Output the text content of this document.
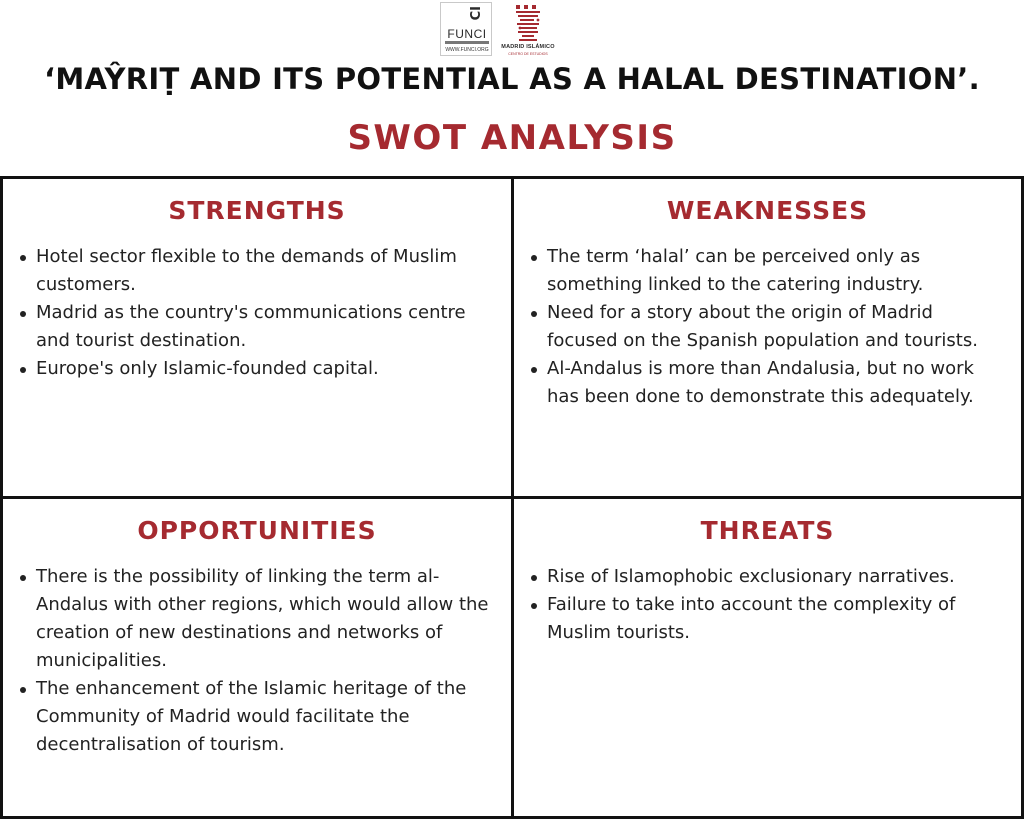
CI
FUNCI
WWW.FUNCI.ORG	MADRID ISLÁMICO
CENTRO DE ESTUDIOS
‘MAŶRIṬ AND ITS POTENTIAL AS A HALAL DESTINATION’.
SWOT ANALYSIS
STRENGTHS
Hotel sector flexible to the demands of Muslim customers.
Madrid as the country's communications centre and tourist destination.
Europe's only Islamic-founded capital.
WEAKNESSES
The term ‘halal’ can be perceived only as something linked to the catering industry.
Need for a story about the origin of Madrid focused on the Spanish population and tourists.
Al-Andalus is more than Andalusia, but no work has been done to demonstrate this adequately.
OPPORTUNITIES
There is the possibility of linking the term al-Andalus with other regions, which would allow the creation of new destinations and networks of municipalities.
The enhancement of the Islamic heritage of the Community of Madrid would facilitate the decentralisation of tourism.
THREATS
Rise of Islamophobic exclusionary narratives.
Failure to take into account the complexity of Muslim tourists.
